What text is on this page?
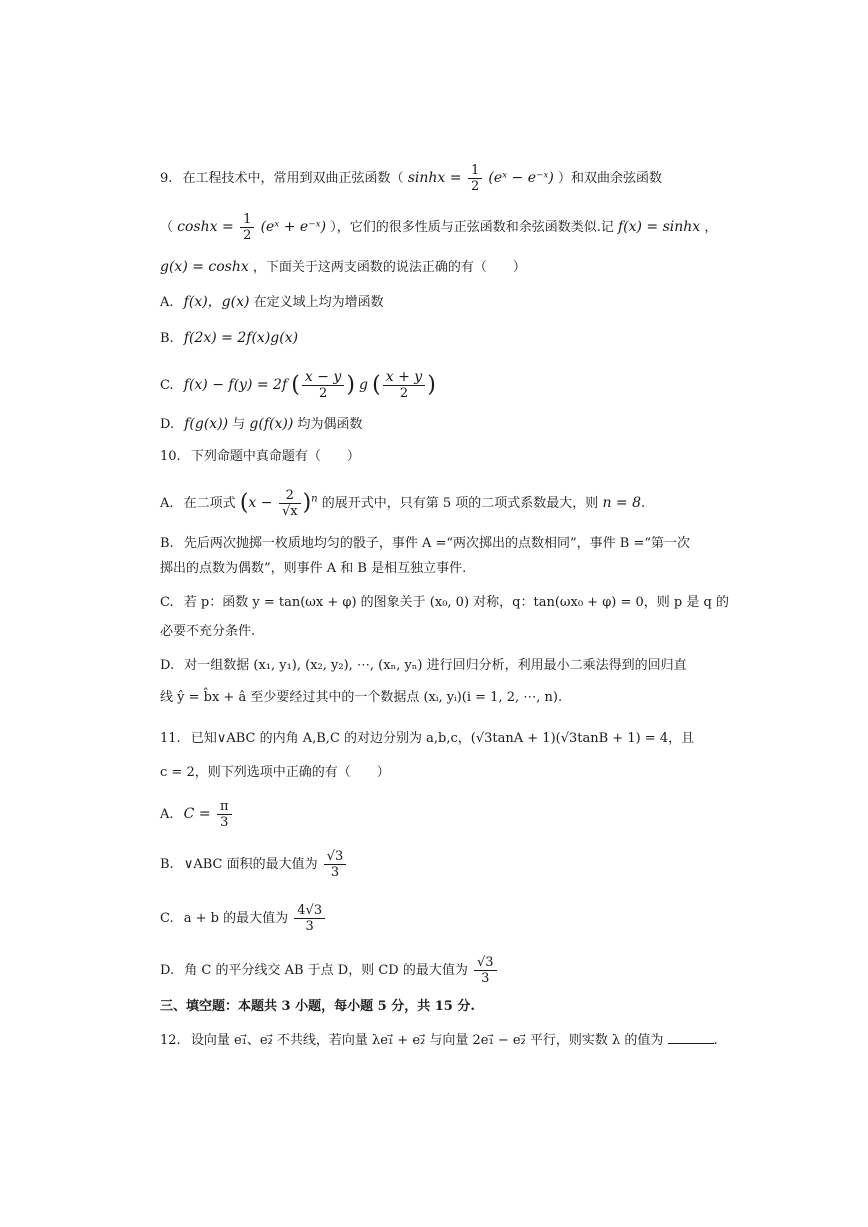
9. 在工程技术中，常用到双曲正弦函数（ $\sinh x = \frac{1}{2}$ (eˣ − e⁻ˣ) ）和双曲余弦函数
（ $\cosh x = \frac{1}{2}$ (eˣ + e⁻ˣ) ），它们的很多性质与正弦函数和余弦函数类似.记 f(x) = sinhx ，
g(x) = coshx ，下面关于这两支函数的说法正确的有（　　）
A. f(x)，g(x) 在定义域上均为增函数
B. f(2x) = 2f(x)g(x)
C. f(x) − f(y) = 2f ( $\frac{x - y}{2}$ ) g ( $\frac{x + y}{2}$ )
D. f(g(x)) 与 g(f(x)) 均为偶函数
10. 下列命题中真命题有（　　）
A. 在二项式 $(x - \frac{2}{√x} )^n$ 的展开式中，只有第 5 项的二项式系数最大，则 n = 8.
B. 先后两次抛掷一枚质地均匀的骰子，事件 A =“两次掷出的点数相同”，事件 B =“第一次
掷出的点数为偶数”，则事件 A 和 B 是相互独立事件.
C. 若 p：函数 y = tan(ωx + φ) 的图象关于 (x₀, 0) 对称，q：tan(ωx₀ + φ) = 0，则 p 是 q 的
必要不充分条件.
D. 对一组数据 (x₁, y₁), (x₂, y₂), ⋯, (xₙ, yₙ) 进行回归分析，利用最小二乘法得到的回归直
线 ŷ = b̂x + â 至少要经过其中的一个数据点 (xᵢ, yᵢ)(i = 1, 2, ⋯, n).
11. 已知∨ABC 的内角 A,B,C 的对边分别为 a,b,c，(√3tanA + 1)(√3tanB + 1) = 4，且
c = 2，则下列选项中正确的有（　　）
A. $C = \frac{\pi}{3}$
B. ∨ABC 面积的最大值为 $\frac{√3}{3}$
C. a + b 的最大值为 $\frac{4√3}{3}$
D. 角 C 的平分线交 AB 于点 D，则 CD 的最大值为 $\frac{√3}{3}$
三、填空题：本题共 3 小题，每小题 5 分，共 15 分.
12. 设向量 e₁⃗、e₂⃗ 不共线，若向量 λe₁⃗ + e₂⃗ 与向量 2e₁⃗ − e₂⃗ 平行，则实数 λ 的值为	.
